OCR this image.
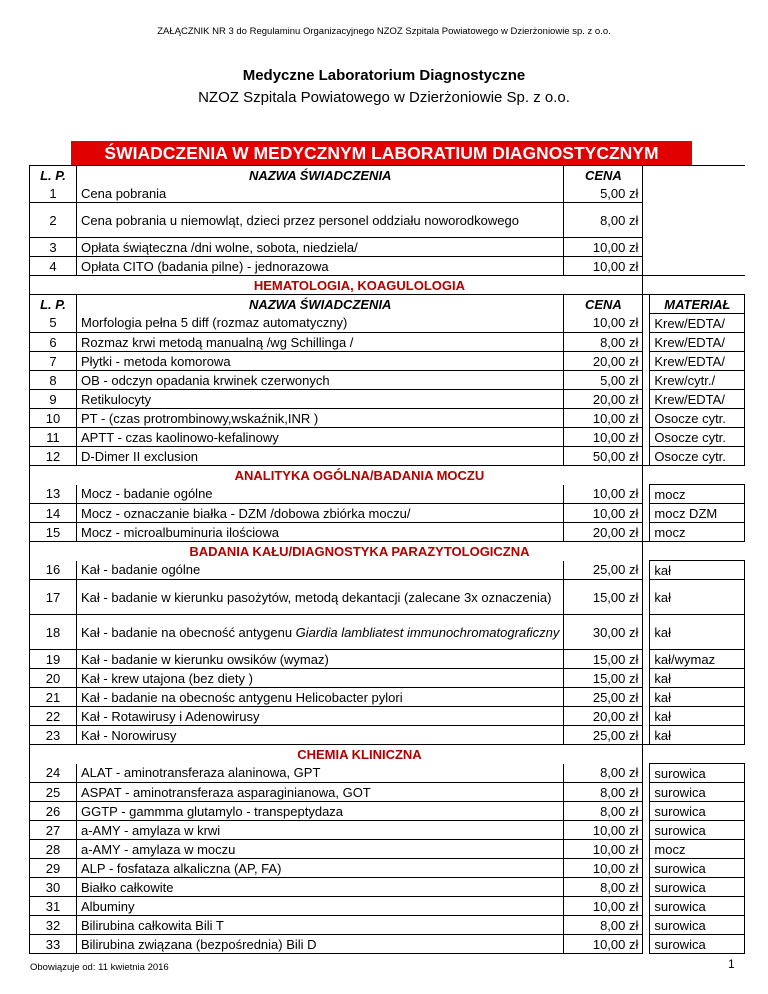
ZAŁĄCZNIK NR 3 do Regulaminu Organizacyjnego NZOZ Szpitala Powiatowego w Dzierżoniowie sp. z o.o.
Medyczne Laboratorium Diagnostyczne
NZOZ Szpitala Powiatowego w Dzierżoniowie Sp. z o.o.
ŚWIADCZENIA W MEDYCZNYM LABORATIUM DIAGNOSTYCZNYM
L. P.	NAZWA ŚWIADCZENIA	CENA		
1	Cena pobrania	5,00 zł		
2	Cena pobrania u niemowląt, dzieci przez personel oddziału noworodkowego	8,00 zł		
3	Opłata świąteczna /dni wolne, sobota, niedziela/	10,00 zł		
4	Opłata CITO (badania pilne) - jednorazowa	10,00 zł		
	HEMATOLOGIA, KOAGULOLOGIA			
L. P.	NAZWA ŚWIADCZENIA	CENA		MATERIAŁ
5	Morfologia pełna 5 diff (rozmaz automatyczny)	10,00 zł		Krew/EDTA/
6	Rozmaz krwi metodą manualną /wg Schillinga /	8,00 zł		Krew/EDTA/
7	Płytki - metoda komorowa	20,00 zł		Krew/EDTA/
8	OB - odczyn opadania krwinek czerwonych	5,00 zł		Krew/cytr./
9	Retikulocyty	20,00 zł		Krew/EDTA/
10	PT - (czas protrombinowy,wskaźnik,INR )	10,00 zł		Osocze cytr.
11	APTT - czas kaolinowo-kefalinowy	10,00 zł		Osocze cytr.
12	D-Dimer II exclusion	50,00 zł		Osocze cytr.
	ANALITYKA OGÓLNA/BADANIA MOCZU			
13	Mocz - badanie ogólne	10,00 zł		mocz
14	Mocz - oznaczanie białka - DZM /dobowa zbiórka moczu/	10,00 zł		mocz DZM
15	Mocz - microalbuminuria ilościowa	20,00 zł		mocz
	BADANIA KAŁU/DIAGNOSTYKA PARAZYTOLOGICZNA			
16	Kał - badanie ogólne	25,00 zł		kał
17	Kał - badanie w kierunku pasożytów, metodą dekantacji (zalecane 3x oznaczenia)	15,00 zł		kał
18	Kał - badanie na obecność antygenu Giardia lambliatest immunochromatograficzny	30,00 zł		kał
19	Kał - badanie w kierunku owsików (wymaz)	15,00 zł		kał/wymaz
20	Kał - krew utajona (bez diety )	15,00 zł		kał
21	Kał - badanie na obecnośc antygenu Helicobacter pylori	25,00 zł		kał
22	Kał - Rotawirusy i Adenowirusy	20,00 zł		kał
23	Kał - Norowirusy	25,00 zł		kał
	CHEMIA KLINICZNA			
24	ALAT - aminotransferaza alaninowa, GPT	8,00 zł		surowica
25	ASPAT - aminotransferaza asparaginianowa, GOT	8,00 zł		surowica
26	GGTP - gammma glutamylo - transpeptydaza	8,00 zł		surowica
27	a-AMY - amylaza w krwi	10,00 zł		surowica
28	a-AMY - amylaza w moczu	10,00 zł		mocz
29	ALP - fosfataza alkaliczna (AP, FA)	10,00 zł		surowica
30	Białko całkowite	8,00 zł		surowica
31	Albuminy	10,00 zł		surowica
32	Bilirubina całkowita Bili T	8,00 zł		surowica
33	Bilirubina związana (bezpośrednia) Bili D	10,00 zł		surowica
Obowiązuje od: 11 kwietnia 2016	1
